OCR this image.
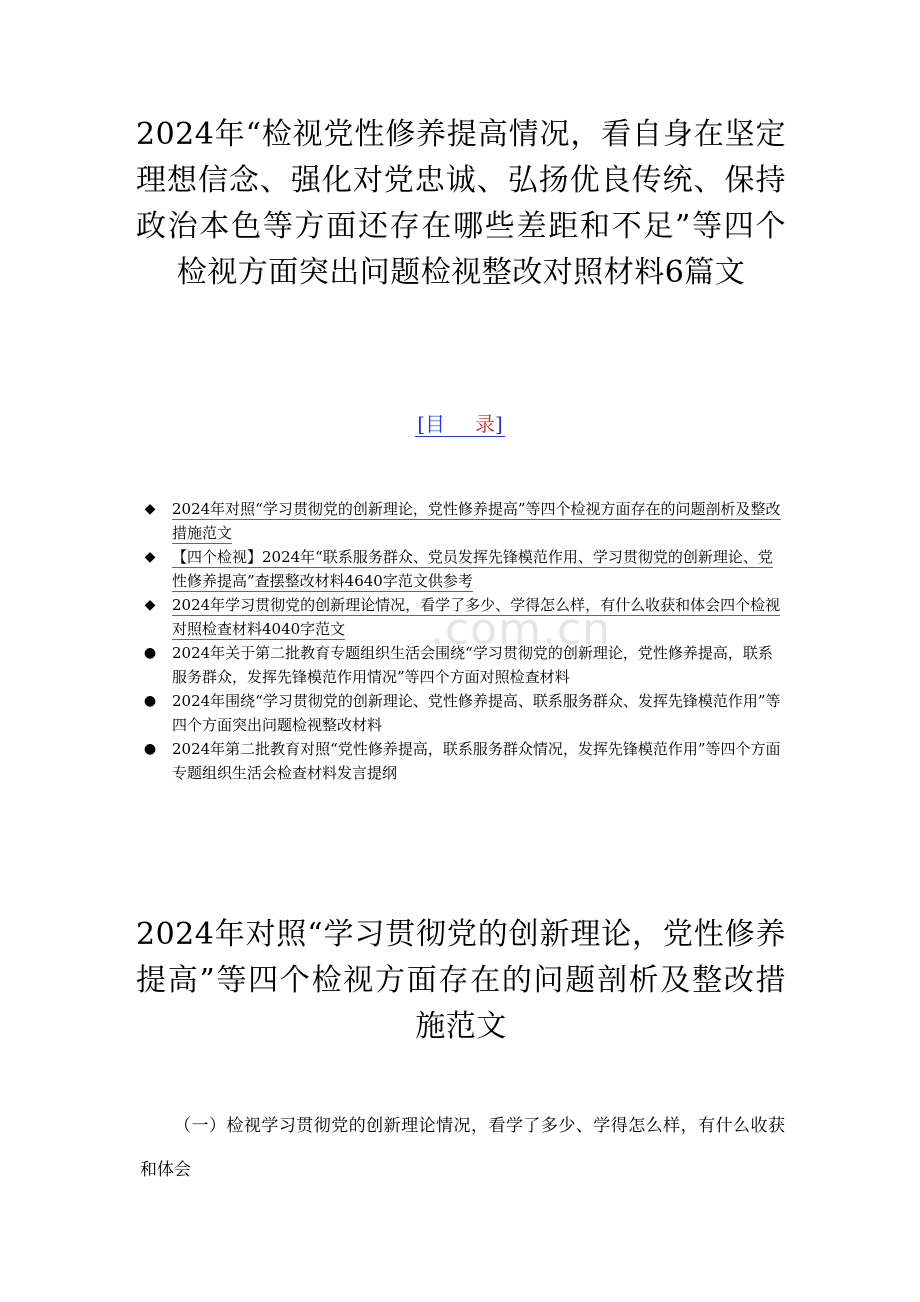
2024年“检视党性修养提高情况，看自身在坚定理想信念、强化对党忠诚、弘扬优良传统、保持政治本色等方面还存在哪些差距和不足”等四个检视方面突出问题检视整改对照材料6篇文
[目 录]
.com.cn
◆	2024年对照“学习贯彻党的创新理论，党性修养提高”等四个检视方面存在的问题剖析及整改措施范文
◆	【四个检视】2024年“联系服务群众、党员发挥先锋模范作用、学习贯彻党的创新理论、党性修养提高”查摆整改材料4640字范文供参考
◆	2024年学习贯彻党的创新理论情况，看学了多少、学得怎么样，有什么收获和体会四个检视对照检查材料4040字范文
● 2024年关于第二批教育专题组织生活会围绕“学习贯彻党的创新理论，党性修养提高，联系服务群众，发挥先锋模范作用情况”等四个方面对照检查材料
● 2024年围绕“学习贯彻党的创新理论、党性修养提高、联系服务群众、发挥先锋模范作用”等四个方面突出问题检视整改材料
● 2024年第二批教育对照“党性修养提高，联系服务群众情况，发挥先锋模范作用”等四个方面专题组织生活会检查材料发言提纲
2024年对照“学习贯彻党的创新理论，党性修养提高”等四个检视方面存在的问题剖析及整改措施范文

（一）检视学习贯彻党的创新理论情况，看学了多少、学得怎么样，有什么收获和体会
